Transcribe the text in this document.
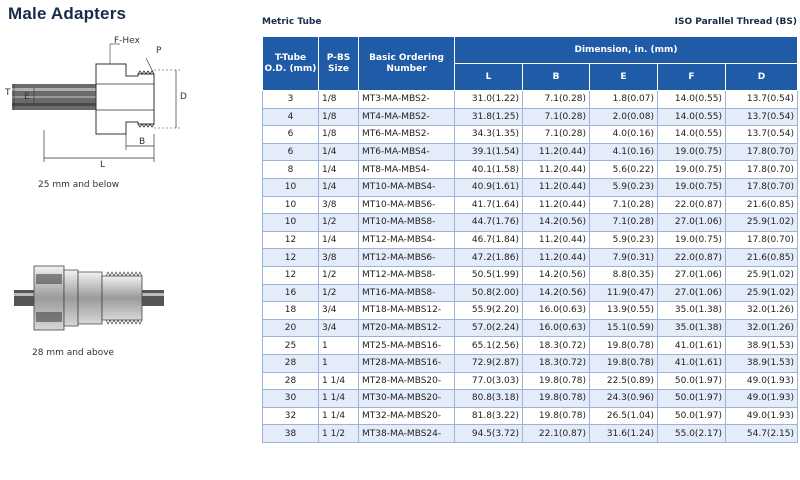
Male Adapters
F-Hex
P
T E	D
B
L
25 mm and below
28 mm and above
Metric Tube	ISO Parallel Thread (BS)
T-Tube O.D. (mm)	P-BS Size	Basic Ordering Number	Dimension, in. (mm)				
			L	B	E	F	D
3	1/8	MT3-MA-MBS2-	31.0(1.22)	7.1(0.28)	1.8(0.07)	14.0(0.55)	13.7(0.54)
4	1/8	MT4-MA-MBS2-	31.8(1.25)	7.1(0.28)	2.0(0.08)	14.0(0.55)	13.7(0.54)
6	1/8	MT6-MA-MBS2-	34.3(1.35)	7.1(0.28)	4.0(0.16)	14.0(0.55)	13.7(0.54)
6	1/4	MT6-MA-MBS4-	39.1(1.54)	11.2(0.44)	4.1(0.16)	19.0(0.75)	17.8(0.70)
8	1/4	MT8-MA-MBS4-	40.1(1.58)	11.2(0.44)	5.6(0.22)	19.0(0.75)	17.8(0.70)
10	1/4	MT10-MA-MBS4-	40.9(1.61)	11.2(0.44)	5.9(0.23)	19.0(0.75)	17.8(0.70)
10	3/8	MT10-MA-MBS6-	41.7(1.64)	11.2(0.44)	7.1(0.28)	22.0(0.87)	21.6(0.85)
10	1/2	MT10-MA-MBS8-	44.7(1.76)	14.2(0.56)	7.1(0.28)	27.0(1.06)	25.9(1.02)
12	1/4	MT12-MA-MBS4-	46.7(1.84)	11.2(0.44)	5.9(0.23)	19.0(0.75)	17.8(0.70)
12	3/8	MT12-MA-MBS6-	47.2(1.86)	11.2(0.44)	7.9(0.31)	22.0(0.87)	21.6(0.85)
12	1/2	MT12-MA-MBS8-	50.5(1.99)	14.2(0.56)	8.8(0.35)	27.0(1.06)	25.9(1.02)
16	1/2	MT16-MA-MBS8-	50.8(2.00)	14.2(0.56)	11.9(0.47)	27.0(1.06)	25.9(1.02)
18	3/4	MT18-MA-MBS12-	55.9(2.20)	16.0(0.63)	13.9(0.55)	35.0(1.38)	32.0(1.26)
20	3/4	MT20-MA-MBS12-	57.0(2.24)	16.0(0.63)	15.1(0.59)	35.0(1.38)	32.0(1.26)
25	1	MT25-MA-MBS16-	65.1(2.56)	18.3(0.72)	19.8(0.78)	41.0(1.61)	38.9(1.53)
28	1	MT28-MA-MBS16-	72.9(2.87)	18.3(0.72)	19.8(0.78)	41.0(1.61)	38.9(1.53)
28	1 1/4	MT28-MA-MBS20-	77.0(3.03)	19.8(0.78)	22.5(0.89)	50.0(1.97)	49.0(1.93)
30	1 1/4	MT30-MA-MBS20-	80.8(3.18)	19.8(0.78)	24.3(0.96)	50.0(1.97)	49.0(1.93)
32	1 1/4	MT32-MA-MBS20-	81.8(3.22)	19.8(0.78)	26.5(1.04)	50.0(1.97)	49.0(1.93)
38	1 1/2	MT38-MA-MBS24-	94.5(3.72)	22.1(0.87)	31.6(1.24)	55.0(2.17)	54.7(2.15)
